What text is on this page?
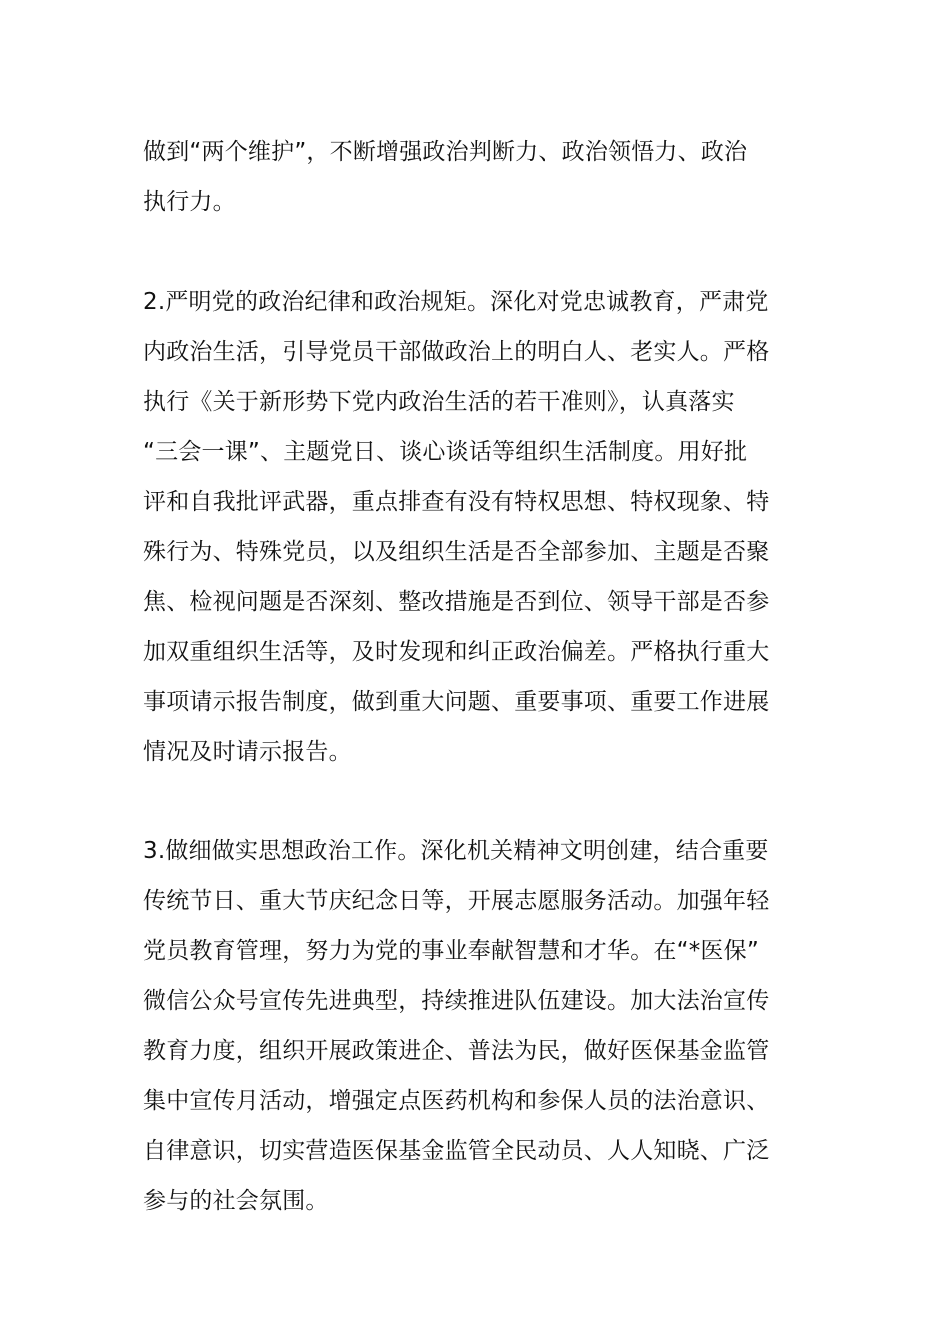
做到“两个维护”，不断增强政治判断力、政治领悟力、政治
执行力。
2.严明党的政治纪律和政治规矩。深化对党忠诚教育，严肃党
内政治生活，引导党员干部做政治上的明白人、老实人。严格
执行《关于新形势下党内政治生活的若干准则》，认真落实
“三会一课”、主题党日、谈心谈话等组织生活制度。用好批
评和自我批评武器，重点排查有没有特权思想、特权现象、特
殊行为、特殊党员，以及组织生活是否全部参加、主题是否聚
焦、检视问题是否深刻、整改措施是否到位、领导干部是否参
加双重组织生活等，及时发现和纠正政治偏差。严格执行重大
事项请示报告制度，做到重大问题、重要事项、重要工作进展
情况及时请示报告。
3.做细做实思想政治工作。深化机关精神文明创建，结合重要
传统节日、重大节庆纪念日等，开展志愿服务活动。加强年轻
党员教育管理，努力为党的事业奉献智慧和才华。在“*医保”
微信公众号宣传先进典型，持续推进队伍建设。加大法治宣传
教育力度，组织开展政策进企、普法为民，做好医保基金监管
集中宣传月活动，增强定点医药机构和参保人员的法治意识、
自律意识，切实营造医保基金监管全民动员、人人知晓、广泛
参与的社会氛围。
